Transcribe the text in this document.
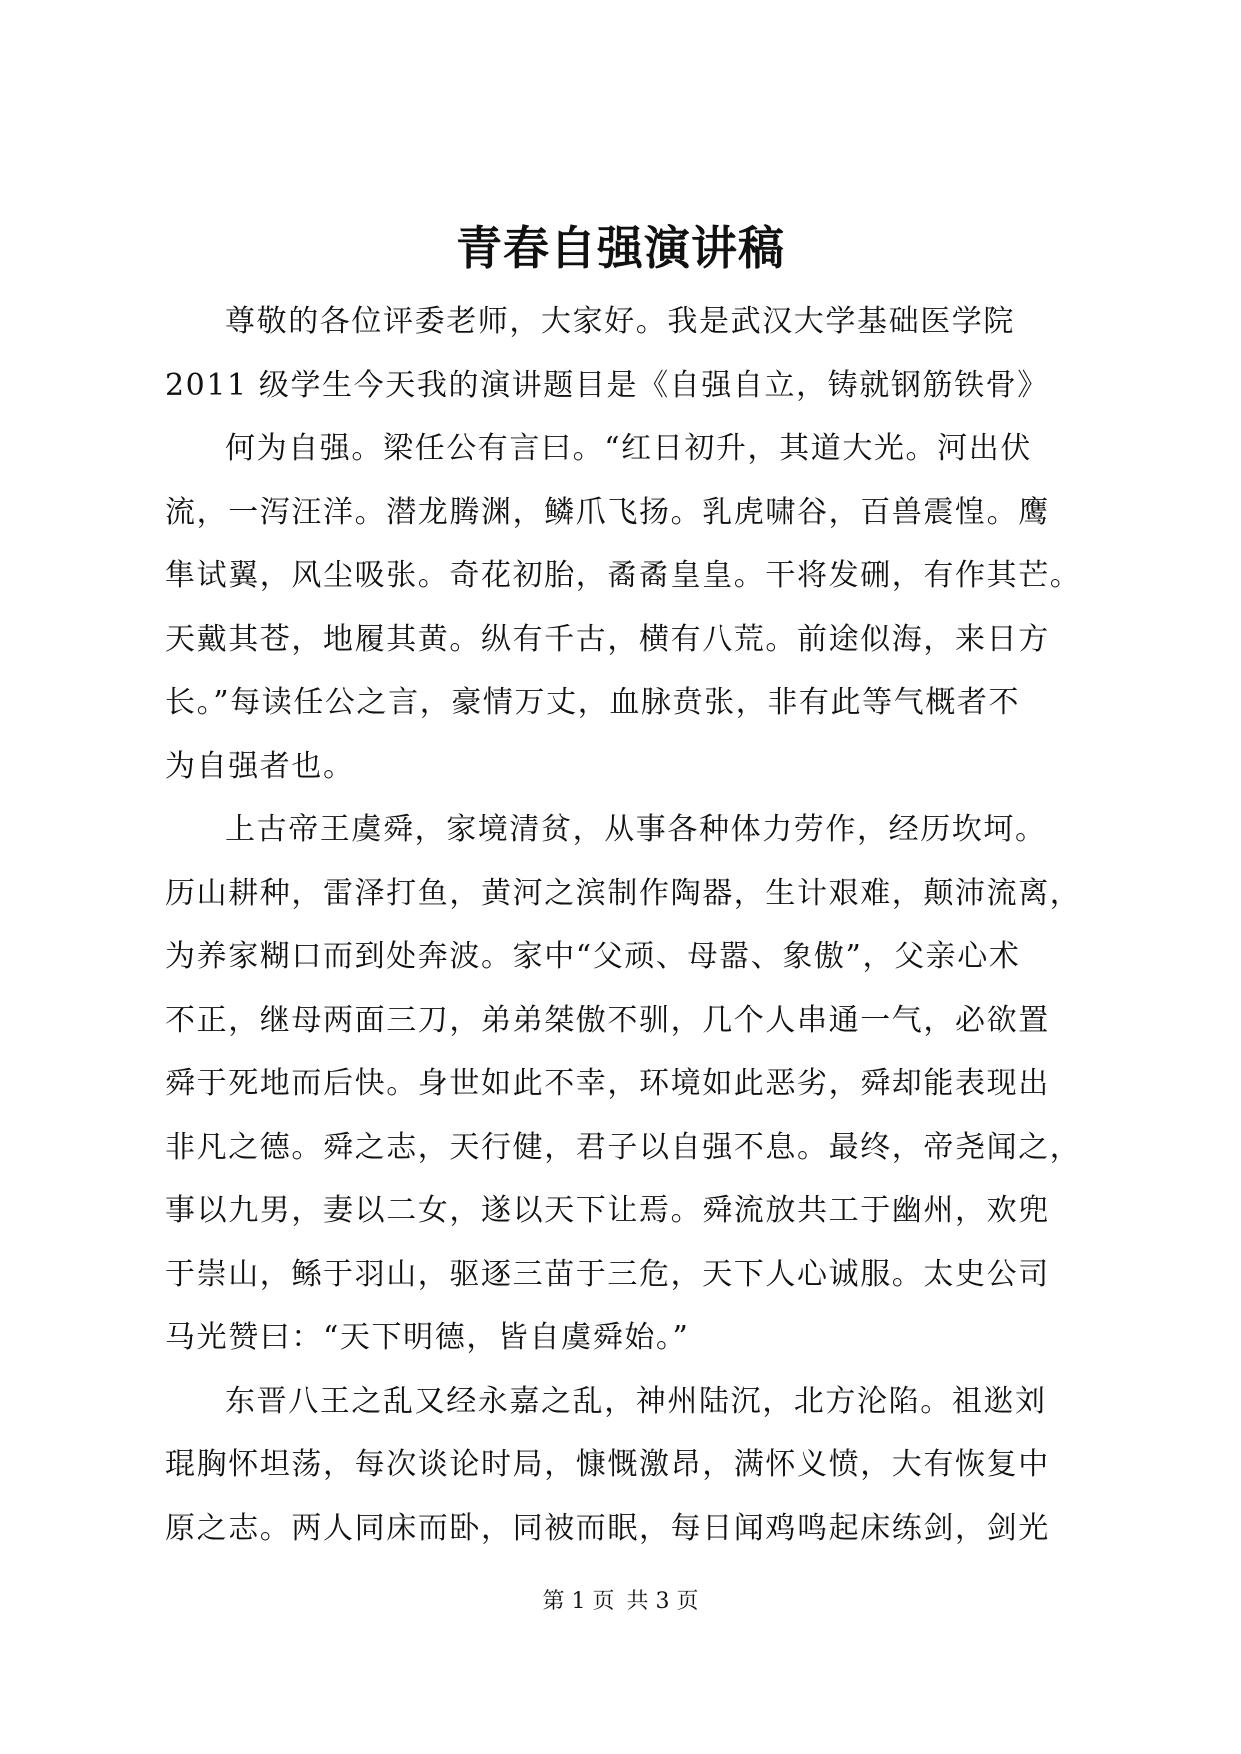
青春自强演讲稿

尊敬的各位评委老师，大家好。我是武汉大学基础医学院
2011 级学生今天我的演讲题目是《自强自立，铸就钢筋铁骨》

何为自强。梁任公有言曰。“红日初升，其道大光。河出伏
流，一泻汪洋。潜龙腾渊，鳞爪飞扬。乳虎啸谷，百兽震惶。鹰
隼试翼，风尘吸张。奇花初胎，矞矞皇皇。干将发硎，有作其芒。
天戴其苍，地履其黄。纵有千古，横有八荒。前途似海，来日方
长。”每读任公之言，豪情万丈，血脉贲张，非有此等气概者不
为自强者也。

上古帝王虞舜，家境清贫，从事各种体力劳作，经历坎坷。
历山耕种，雷泽打鱼，黄河之滨制作陶器，生计艰难，颠沛流离，
为养家糊口而到处奔波。家中“父顽、母嚣、象傲”，父亲心术
不正，继母两面三刀，弟弟桀傲不驯，几个人串通一气，必欲置
舜于死地而后快。身世如此不幸，环境如此恶劣，舜却能表现出
非凡之德。舜之志，天行健，君子以自强不息。最终，帝尧闻之，
事以九男，妻以二女，遂以天下让焉。舜流放共工于幽州，欢兜
于崇山，鲧于羽山，驱逐三苗于三危，天下人心诚服。太史公司
马光赞曰：“天下明德，皆自虞舜始。”

东晋八王之乱又经永嘉之乱，神州陆沉，北方沦陷。祖逖刘
琨胸怀坦荡，每次谈论时局，慷慨激昂，满怀义愤，大有恢复中
原之志。两人同床而卧，同被而眠，每日闻鸡鸣起床练剑，剑光

第 1 页 共 3 页
